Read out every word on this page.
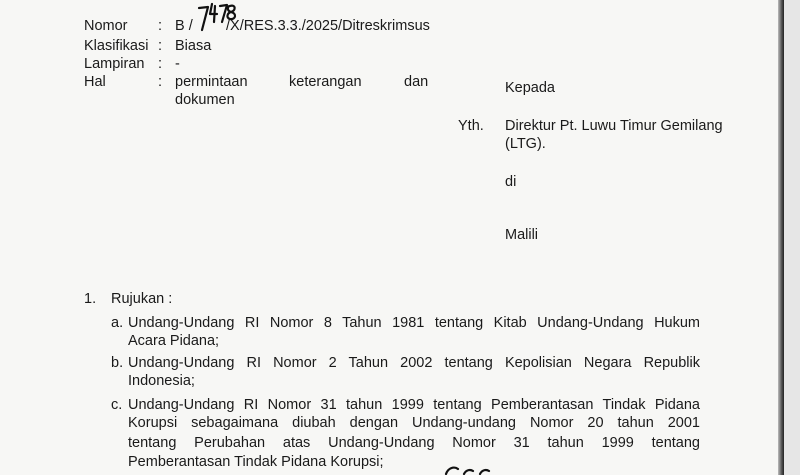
Nomor : B / /X/RES.3.3./2025/Ditreskrimsus
Klasifikasi : Biasa
Lampiran : -
Hal	: permintaan	keterangan	dan
dokumen
Kepada
Yth. Direktur Pt. Luwu Timur Gemilang
(LTG).
di
Malili
1. Rujukan :
a. Undang-Undang RI Nomor 8 Tahun 1981 tentang Kitab Undang-Undang Hukum
Acara Pidana;
b. Undang-Undang RI Nomor 2 Tahun 2002 tentang Kepolisian Negara Republik
Indonesia;
c. Undang-Undang RI Nomor 31 tahun 1999 tentang Pemberantasan Tindak Pidana
Korupsi sebagaimana diubah dengan Undang-undang Nomor 20 tahun 2001
tentang Perubahan atas Undang-Undang Nomor 31 tahun 1999 tentang
Pemberantasan Tindak Pidana Korupsi;
